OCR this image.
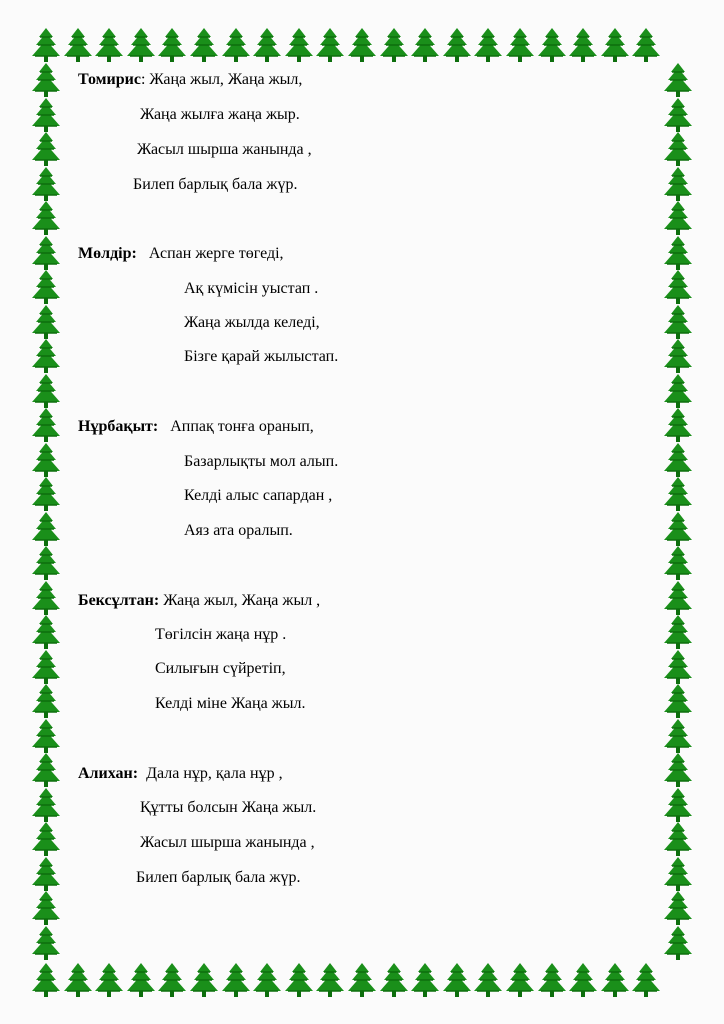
Томирис: Жаңа жыл, Жаңа жыл,
Жаңа жылға жаңа жыр.
Жасыл шырша жанында ,
Билеп барлық бала жүр.
Мөлдір:   Аспан жерге төгеді,
Ақ күмісін уыстап .
Жаңа жылда келеді,
Бізге қарай жылыстап.
Нұрбақыт:   Аппақ тонға оранып,
Базарлықты мол алып.
Келді алыс сапардан ,
Аяз ата оралып.
Бексұлтан: Жаңа жыл, Жаңа жыл ,
Төгілсін жаңа нұр .
Силығын сүйретіп,
Келді міне Жаңа жыл.
Алихан:  Дала нұр, қала нұр ,
Құтты болсын Жаңа жыл.
Жасыл шырша жанында ,
Билеп барлық бала жүр.
